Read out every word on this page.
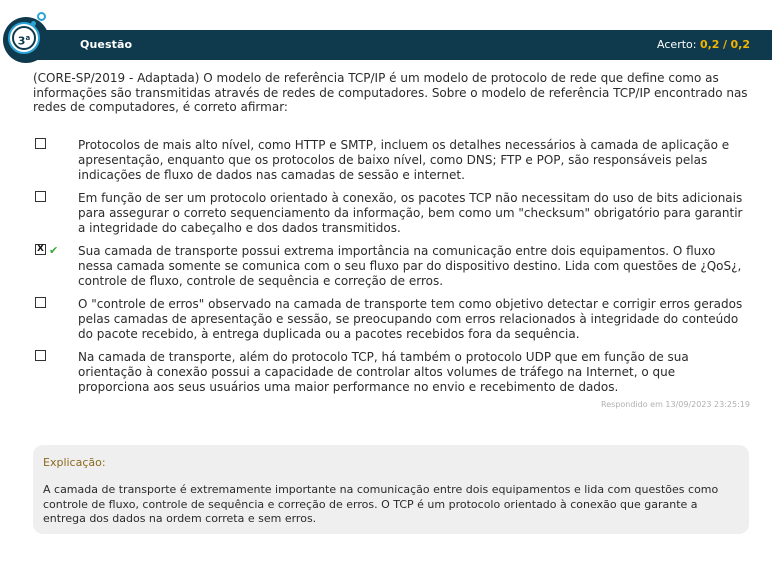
Questão	Acerto: 0,2 / 0,2
3$^a$
(CORE-SP/2019 - Adaptada) O modelo de referência TCP/IP é um modelo de protocolo de rede que define como as informações são transmitidas através de redes de computadores. Sobre o modelo de referência TCP/IP encontrado nas redes de computadores, é correto afirmar:
Protocolos de mais alto nível, como HTTP e SMTP, incluem os detalhes necessários à camada de aplicação e apresentação, enquanto que os protocolos de baixo nível, como DNS; FTP e POP, são responsáveis pelas indicações de fluxo de dados nas camadas de sessão e internet.
Em função de ser um protocolo orientado à conexão, os pacotes TCP não necessitam do uso de bits adicionais para assegurar o correto sequenciamento da informação, bem como um "checksum" obrigatório para garantir a integridade do cabeçalho e dos dados transmitidos.
X ✔ Sua camada de transporte possui extrema importância na comunicação entre dois equipamentos. O fluxo nessa camada somente se comunica com o seu fluxo par do dispositivo destino. Lida com questões de ¿QoS¿, controle de fluxo, controle de sequência e correção de erros.
O "controle de erros" observado na camada de transporte tem como objetivo detectar e corrigir erros gerados pelas camadas de apresentação e sessão, se preocupando com erros relacionados à integridade do conteúdo do pacote recebido, à entrega duplicada ou a pacotes recebidos fora da sequência.
Na camada de transporte, além do protocolo TCP, há também o protocolo UDP que em função de sua orientação à conexão possui a capacidade de controlar altos volumes de tráfego na Internet, o que proporciona aos seus usuários uma maior performance no envio e recebimento de dados.
Respondido em 13/09/2023 23:25:19
Explicação:
A camada de transporte é extremamente importante na comunicação entre dois equipamentos e lida com questões como controle de fluxo, controle de sequência e correção de erros. O TCP é um protocolo orientado à conexão que garante a entrega dos dados na ordem correta e sem erros.
